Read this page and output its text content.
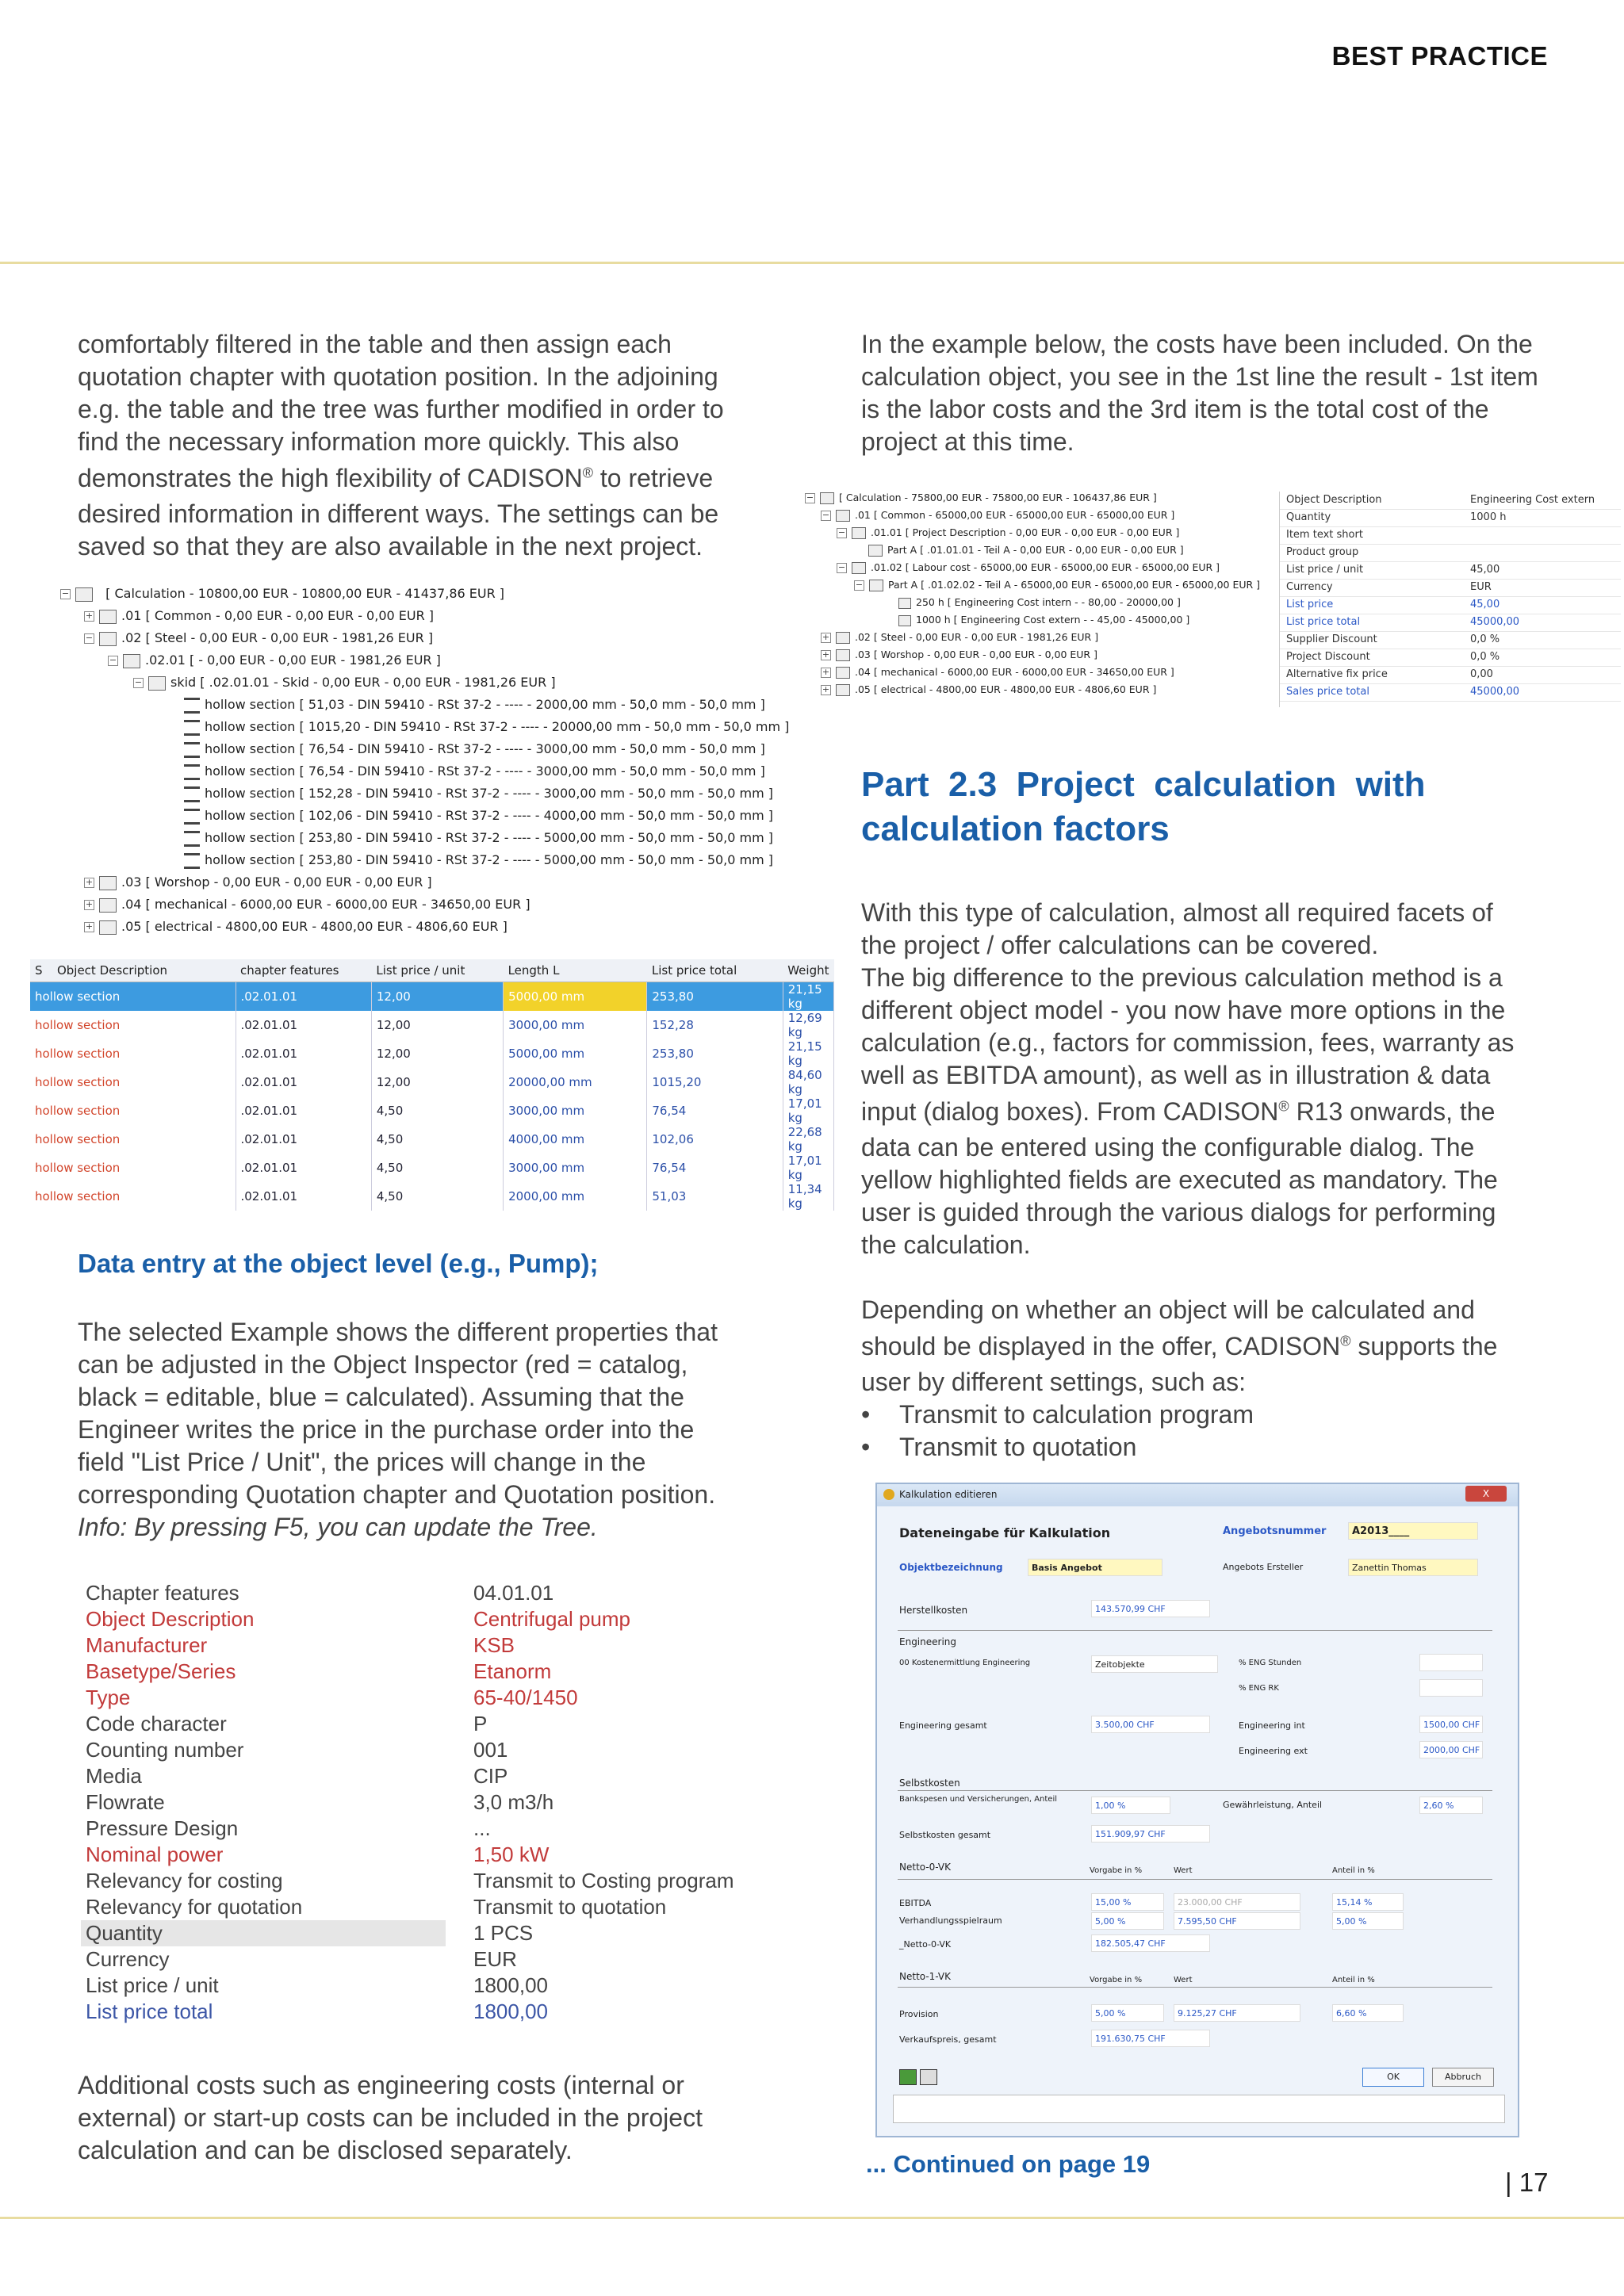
BEST PRACTICE

comfortably filtered in the table and then assign each

quotation chapter with quotation position. In the adjoining

e.g. the table and the tree was further modified in order to

find the necessary information more quickly. This also

demonstrates the high flexibility of CADISON® to retrieve

desired information in different ways. The settings can be

saved so that they are also available in the next project.

−	[ Calculation - 10800,00 EUR - 10800,00 EUR - 41437,86 EUR ]
+ .01 [ Common - 0,00 EUR - 0,00 EUR - 0,00 EUR ]
− .02 [ Steel - 0,00 EUR - 0,00 EUR - 1981,26 EUR ]
− .02.01 [ - 0,00 EUR - 0,00 EUR - 1981,26 EUR ]
− skid [ .02.01.01 - Skid - 0,00 EUR - 0,00 EUR - 1981,26 EUR ]
hollow section [ 51,03 - DIN 59410 - RSt 37-2 - ---- - 2000,00 mm - 50,0 mm - 50,0 mm ]
hollow section [ 1015,20 - DIN 59410 - RSt 37-2 - ---- - 20000,00 mm - 50,0 mm - 50,0 mm ]
hollow section [ 76,54 - DIN 59410 - RSt 37-2 - ---- - 3000,00 mm - 50,0 mm - 50,0 mm ]
hollow section [ 76,54 - DIN 59410 - RSt 37-2 - ---- - 3000,00 mm - 50,0 mm - 50,0 mm ]
hollow section [ 152,28 - DIN 59410 - RSt 37-2 - ---- - 3000,00 mm - 50,0 mm - 50,0 mm ]
hollow section [ 102,06 - DIN 59410 - RSt 37-2 - ---- - 4000,00 mm - 50,0 mm - 50,0 mm ]
hollow section [ 253,80 - DIN 59410 - RSt 37-2 - ---- - 5000,00 mm - 50,0 mm - 50,0 mm ]
hollow section [ 253,80 - DIN 59410 - RSt 37-2 - ---- - 5000,00 mm - 50,0 mm - 50,0 mm ]
+ .03 [ Worshop - 0,00 EUR - 0,00 EUR - 0,00 EUR ]
+ .04 [ mechanical - 6000,00 EUR - 6000,00 EUR - 34650,00 EUR ]
+ .05 [ electrical - 4800,00 EUR - 4800,00 EUR - 4806,60 EUR ]
S	Object Description	chapter features	List price / unit	Length L	List price total	Weight
hollow section		.02.01.01	12,00	5000,00 mm	253,80	21,15 kg
hollow section		.02.01.01	12,00	3000,00 mm	152,28	12,69 kg
hollow section		.02.01.01	12,00	5000,00 mm	253,80	21,15 kg
hollow section		.02.01.01	12,00	20000,00 mm	1015,20	84,60 kg
hollow section		.02.01.01	4,50	3000,00 mm	76,54	17,01 kg
hollow section		.02.01.01	4,50	4000,00 mm	102,06	22,68 kg
hollow section		.02.01.01	4,50	3000,00 mm	76,54	17,01 kg
hollow section		.02.01.01	4,50	2000,00 mm	51,03	11,34 kg
Data entry at the object level (e.g., Pump);

The selected Example shows the different properties that

can be adjusted in the Object Inspector (red = catalog,

black = editable, blue = calculated). Assuming that the

Engineer writes the price in the purchase order into the

field "List Price / Unit", the prices will change in the

corresponding Quotation chapter and Quotation position.

Info: By pressing F5, you can update the Tree.

Chapter features	04.01.01
Object Description	Centrifugal pump
Manufacturer	KSB
Basetype/Series	Etanorm
Type	65-40/1450
Code character	P
Counting number	001
Media	CIP
Flowrate	3,0 m3/h
Pressure Design	...
Nominal power	1,50 kW
Relevancy for costing	Transmit to Costing program
Relevancy for quotation	Transmit to quotation
Quantity	1 PCS
Currency	EUR
List price / unit	1800,00
List price total	1800,00

Additional costs such as engineering costs (internal or

external) or start-up costs can be included in the project

calculation and can be disclosed separately.

In the example below, the costs have been included. On the

calculation object, you see in the 1st line the result - 1st item

is the labor costs and the 3rd item is the total cost of the

project at this time.

−	[ Calculation - 75800,00 EUR - 75800,00 EUR - 106437,86 EUR ]
−	.01 [ Common - 65000,00 EUR - 65000,00 EUR - 65000,00 EUR ]
−	.01.01 [ Project Description - 0,00 EUR - 0,00 EUR - 0,00 EUR ]
Part A [ .01.01.01 - Teil A - 0,00 EUR - 0,00 EUR - 0,00 EUR ]
−	.01.02 [ Labour cost - 65000,00 EUR - 65000,00 EUR - 65000,00 EUR ]
−	Part A [ .01.02.02 - Teil A - 65000,00 EUR - 65000,00 EUR - 65000,00 EUR ]
250 h [ Engineering Cost intern - - 80,00 - 20000,00 ]
1000 h [ Engineering Cost extern - - 45,00 - 45000,00 ]
+	.02 [ Steel - 0,00 EUR - 0,00 EUR - 1981,26 EUR ]
+	.03 [ Worshop - 0,00 EUR - 0,00 EUR - 0,00 EUR ]
+	.04 [ mechanical - 6000,00 EUR - 6000,00 EUR - 34650,00 EUR ]
+	.05 [ electrical - 4800,00 EUR - 4800,00 EUR - 4806,60 EUR ]
Object Description	Engineering Cost extern
Quantity	1000 h
Item text short
Product group
List price / unit	45,00
Currency	EUR
List price	45,00
List price total	45000,00
Supplier Discount	0,0 %
Project Discount	0,0 %
Alternative fix price	0,00
Sales price total	45000,00
Part  2.3  Project  calculation  with
calculation factors

With this type of calculation, almost all required facets of

the project / offer calculations can be covered.

The big difference to the previous calculation method is a

different object model - you now have more options in the

calculation (e.g., factors for commission, fees, warranty as

well as EBITDA amount), as well as in illustration & data

input (dialog boxes). From CADISON® R13 onwards, the

data can be entered using the configurable dialog. The

yellow highlighted fields are executed as mandatory. The

user is guided through the various dialogs for performing

the calculation.

Depending on whether an object will be calculated and

should be displayed in the offer, CADISON® supports the

user by different settings, such as:

• Transmit to calculation program
• Transmit to quotation
Kalkulation editieren	X
Dateneingabe für Kalkulation	Angebotsnummer	A2013____
Objektbezeichnung	Basis Angebot	Angebots Ersteller	Zanettin Thomas
Herstellkosten	143.570,99 CHF
Engineering
00 Kostenermittlung Engineering	Zeitobjekte	% ENG Stunden
% ENG RK
Engineering gesamt	3.500,00 CHF	Engineering int	1500,00 CHF
Engineering ext	2000,00 CHF
Selbstkosten
Bankspesen und Versicherungen, Anteil
1,00 %	Gewährleistung, Anteil	2,60 %
Selbstkosten gesamt	151.909,97 CHF
Netto-0-VK	Vorgabe in %	Wert	Anteil in %
EBITDA	15,00 %	23.000,00 CHF	15,14 %
Verhandlungsspielraum	5,00 %	7.595,50 CHF	5,00 %
_Netto-0-VK	182.505,47 CHF
Netto-1-VK	Vorgabe in %	Wert	Anteil in %
Provision	5,00 %	9.125,27 CHF	6,60 %
Verkaufspreis, gesamt	191.630,75 CHF
OK	Abbruch
... Continued on page 19
| 17
